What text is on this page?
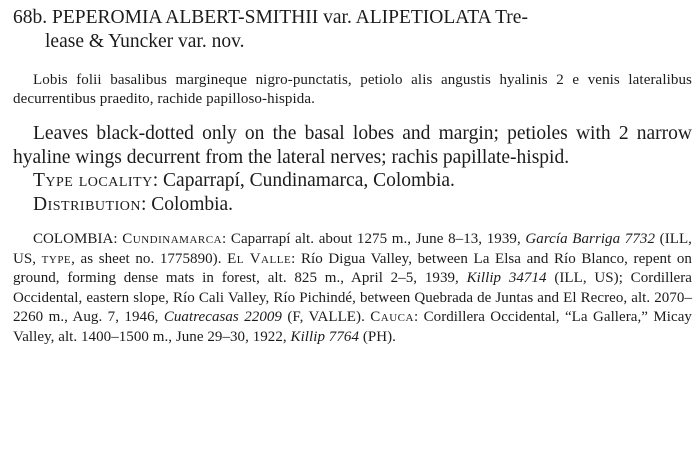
68b. PEPEROMIA ALBERT-SMITHII var. ALIPETIOLATA Tre-
lease & Yuncker var. nov.

Lobis folii basalibus margineque nigro-punctatis, petiolo alis angustis hyalinis 2 e venis lateralibus decurrentibus praedito, rachide papilloso-hispida.

Leaves black-dotted only on the basal lobes and margin; petioles with 2 narrow hyaline wings decurrent from the lateral nerves; rachis papillate-hispid.

Type locality: Caparrapí, Cundinamarca, Colombia.

Distribution: Colombia.

COLOMBIA: Cundinamarca: Caparrapí alt. about 1275 m., June 8–13, 1939, García Barriga 7732 (ILL, US, type, as sheet no. 1775890). El Valle: Río Digua Valley, between La Elsa and Río Blanco, repent on ground, forming dense mats in forest, alt. 825 m., April 2–5, 1939, Killip 34714 (ILL, US); Cordillera Occidental, eastern slope, Río Cali Valley, Río Pichindé, between Quebrada de Juntas and El Recreo, alt. 2070–2260 m., Aug. 7, 1946, Cuatrecasas 22009 (F, VALLE). Cauca: Cordillera Occidental, “La Gallera,” Micay Valley, alt. 1400–1500 m., June 29–30, 1922, Killip 7764 (PH).
